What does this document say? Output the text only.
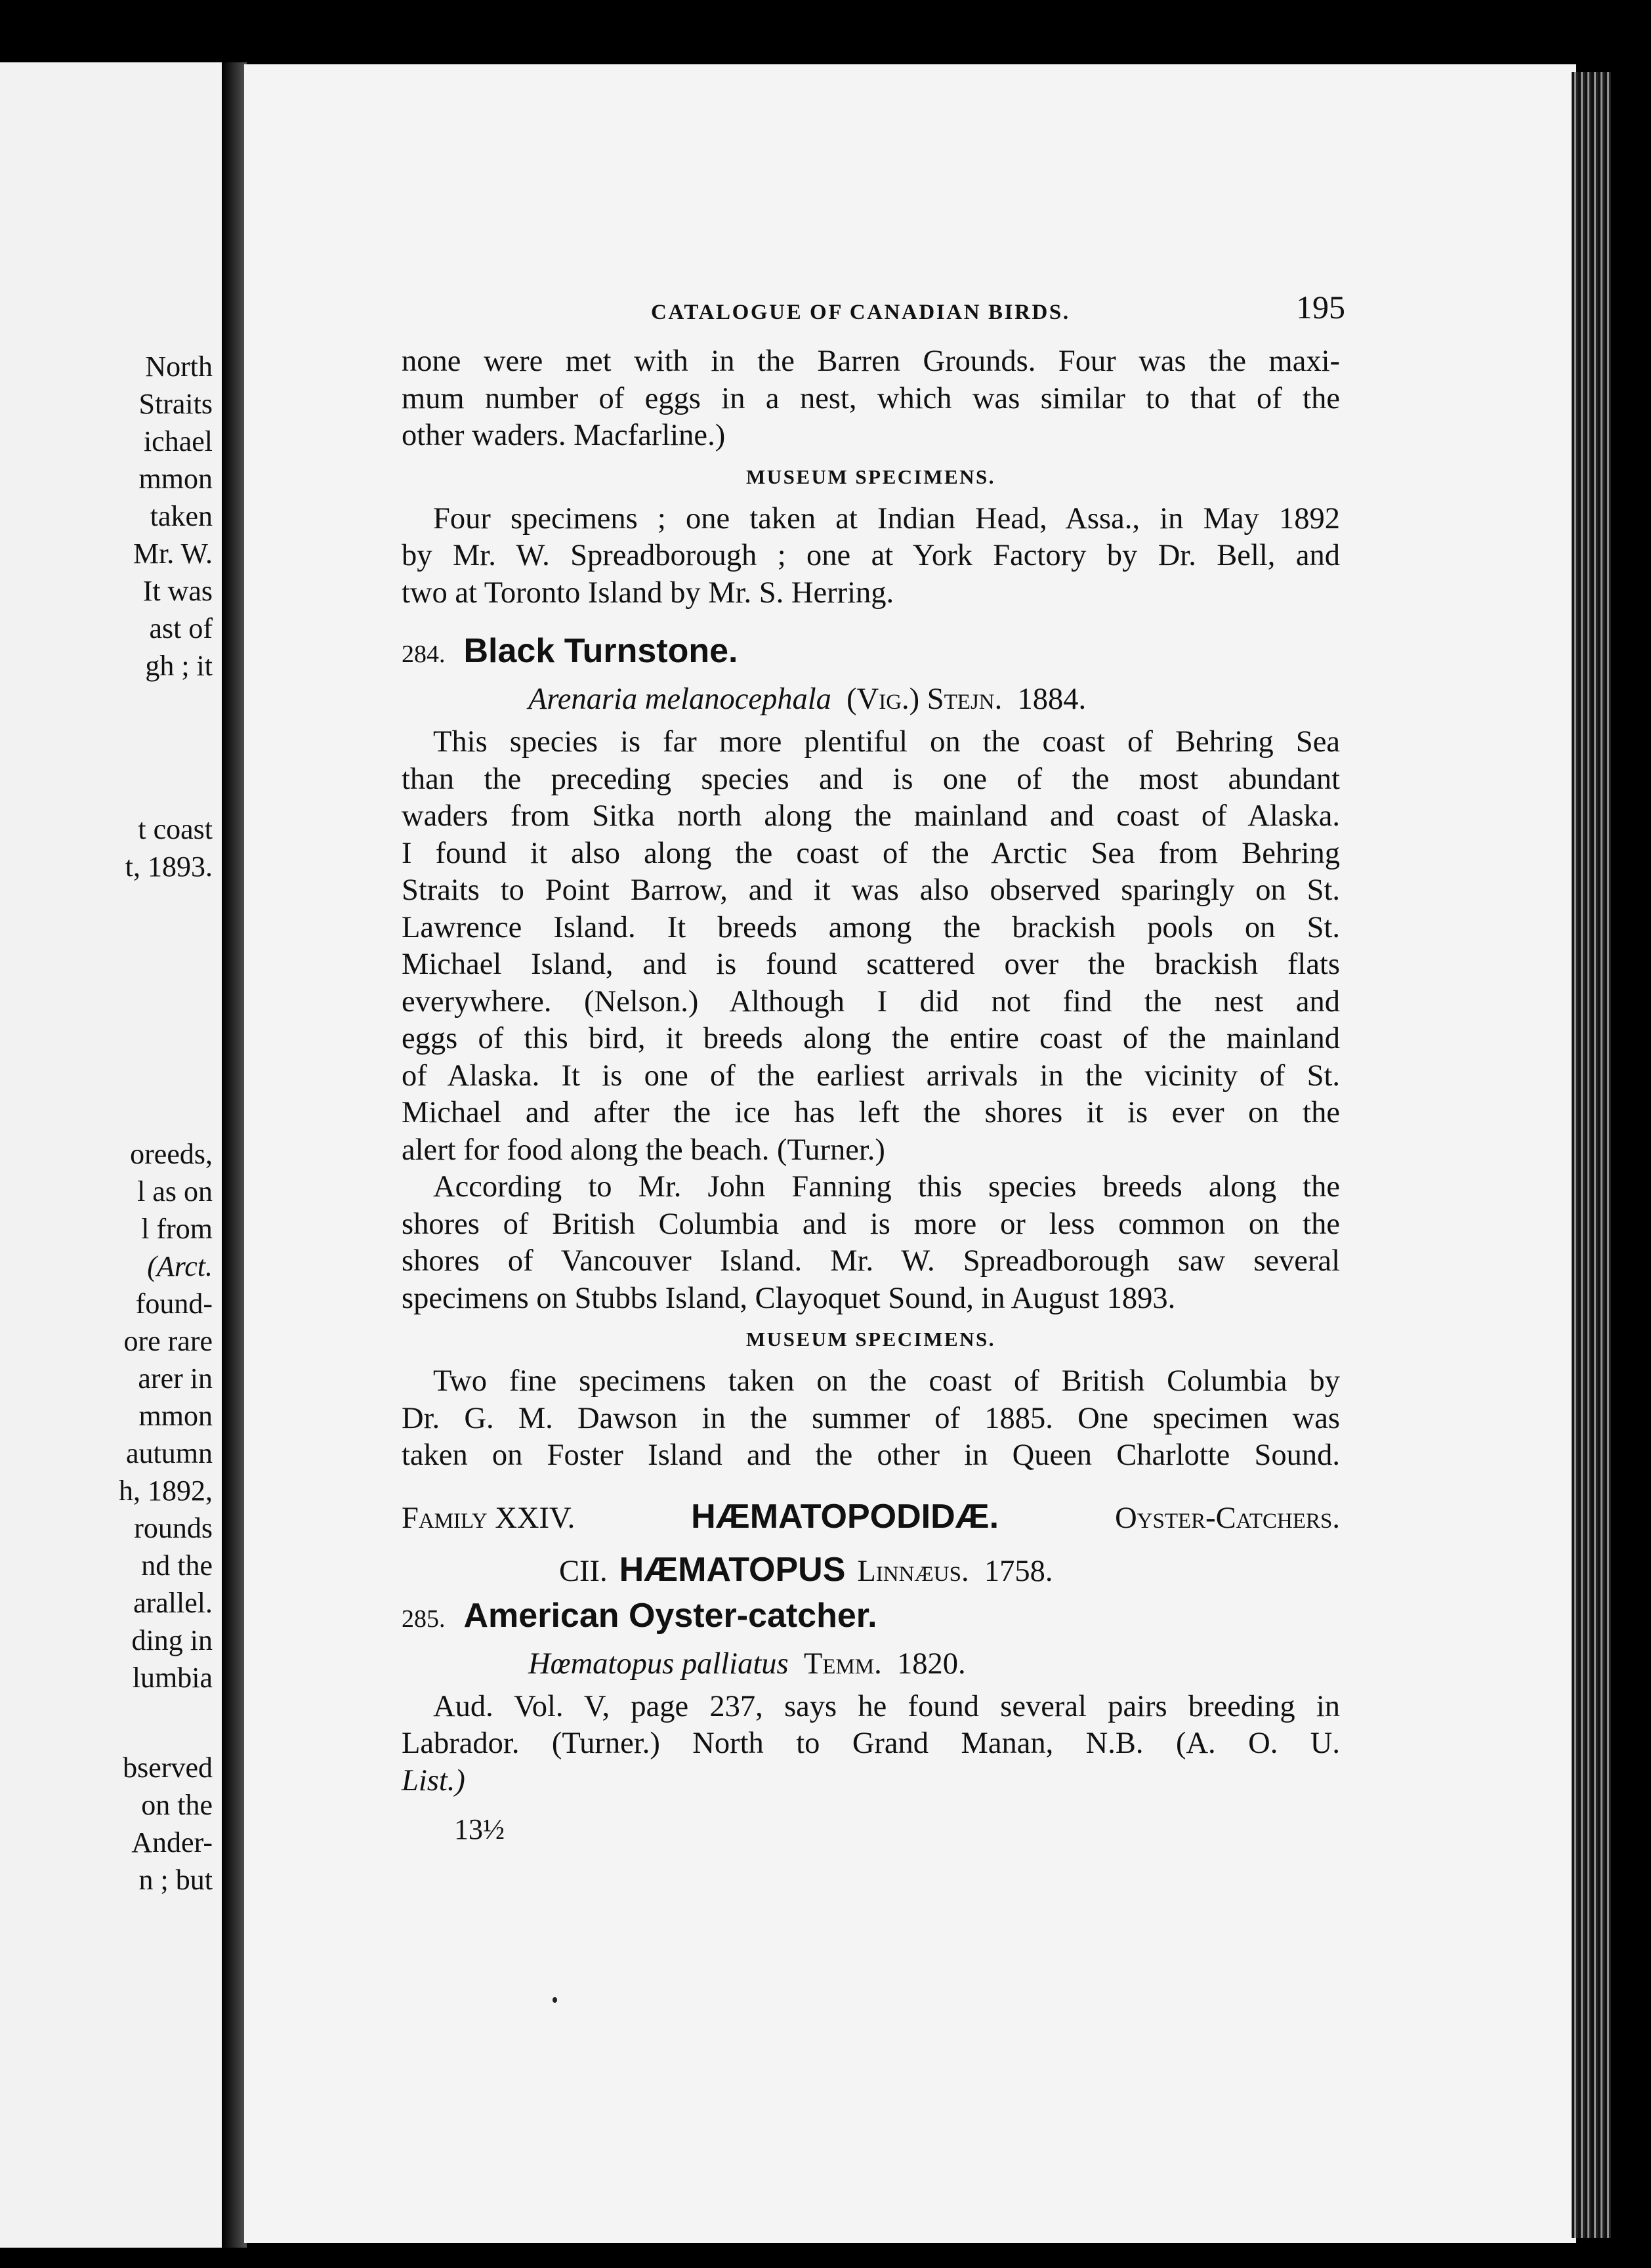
North
Straits
ichael
mmon
taken
Mr. W.
It was
ast of
gh ; it
t coast
t, 1893.
oreeds,
l as on
l from
(Arct.
found-
ore rare
arer in
mmon
autumn
h, 1892,
rounds
nd the
arallel.
ding in
lumbia
bserved
on the
Ander-
n ; but
CATALOGUE OF CANADIAN BIRDS.	195
none were met with in the Barren Grounds. Four was the maxi-
mum number of eggs in a nest, which was similar to that of the
other waders. Macfarline.)
MUSEUM SPECIMENS.
Four specimens ; one taken at Indian Head, Assa., in May 1892
by Mr. W. Spreadborough ; one at York Factory by Dr. Bell, and
two at Toronto Island by Mr. S. Herring.
284. Black Turnstone.
Arenaria melanocephala (Vig.) Stejn. 1884.
This species is far more plentiful on the coast of Behring Sea
than the preceding species and is one of the most abundant
waders from Sitka north along the mainland and coast of Alaska.
I found it also along the coast of the Arctic Sea from Behring
Straits to Point Barrow, and it was also observed sparingly on St.
Lawrence Island. It breeds among the brackish pools on St.
Michael Island, and is found scattered over the brackish flats
everywhere. (Nelson.) Although I did not find the nest and
eggs of this bird, it breeds along the entire coast of the mainland
of Alaska. It is one of the earliest arrivals in the vicinity of St.
Michael and after the ice has left the shores it is ever on the
alert for food along the beach. (Turner.)
According to Mr. John Fanning this species breeds along the
shores of British Columbia and is more or less common on the
shores of Vancouver Island. Mr. W. Spreadborough saw several
specimens on Stubbs Island, Clayoquet Sound, in August 1893.
MUSEUM SPECIMENS.
Two fine specimens taken on the coast of British Columbia by
Dr. G. M. Dawson in the summer of 1885. One specimen was
taken on Foster Island and the other in Queen Charlotte Sound.
Family XXIV.	HÆMATOPODIDÆ.	Oyster-Catchers.
CII. HÆMATOPUS Linnæus. 1758.
285. American Oyster-catcher.
Hœmatopus palliatus Temm. 1820.
Aud. Vol. V, page 237, says he found several pairs breeding in
Labrador. (Turner.) North to Grand Manan, N.B. (A. O. U.
List.)
13½
